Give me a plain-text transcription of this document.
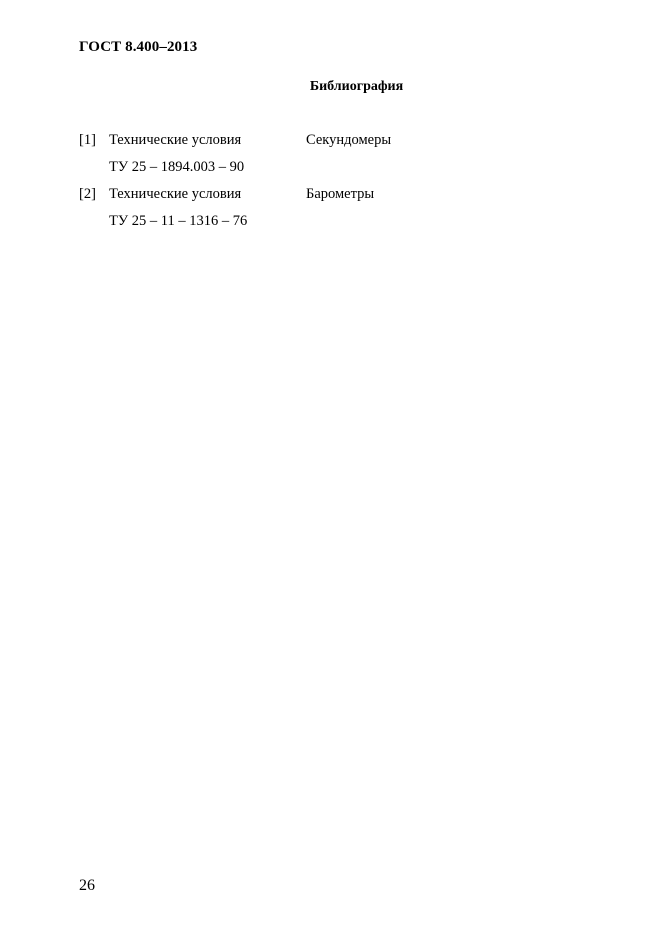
ГОСТ 8.400–2013
Библиография
[1] Технические условия
ТУ 25 – 1894.003 – 90
Секундомеры
[2] Технические условия
ТУ 25 – 11 – 1316 – 76
Барометры
26
